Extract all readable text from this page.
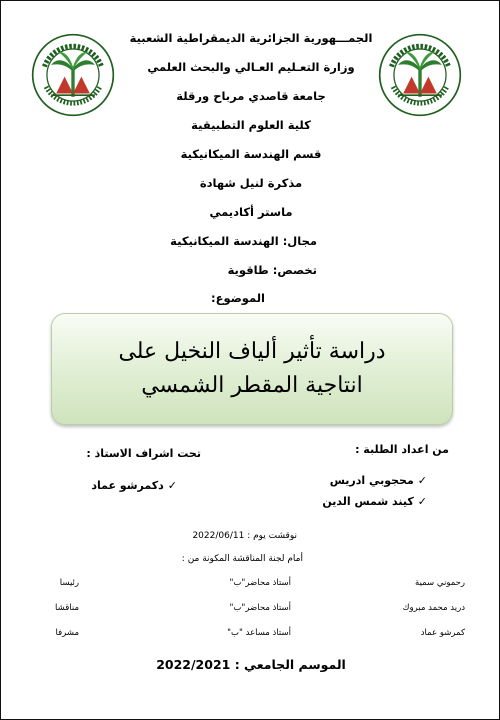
الجمـــهورية الجزائرية الديمقراطية الشعبية
وزارة التعـليم العـالي والبحث العلمي
جامعة قاصدي مرباح ورقلة
كلية العلوم التطبيقية
قسم الهندسة الميكانيكية
مذكرة لنيل شهادة
ماستر أكاديمي
مجال: الهندسة الميكانيكية
تخصص: طاقوية
الموضوع:
دراسة تأثير ألياف النخيل على
انتاجية المقطر الشمسي
من اعداد الطلبة :
✓محجوبي ادريس
✓كيند شمس الدين
تحت اشراف الاستاذ :
✓دكمرشو عماد
نوقشت يوم : 2022/06/11
أمام لجنة المناقشة المكونة من :
رحموني سمية
أستاذ محاضر"ب"
رئيسا
دريد محمد مبروك
أستاذ محاضر"ب"
مناقشا
كمرشو عماد
أستاذ مساعد "ب"
مشرفا
الموسم الجامعي : 2022/2021
